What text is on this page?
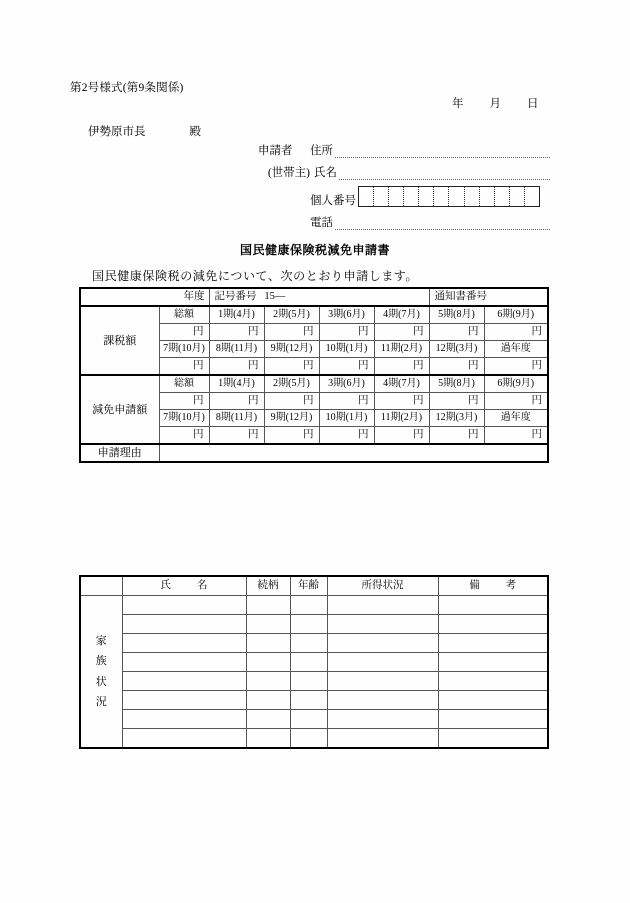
第2号様式(第9条関係)
年 月 日
伊勢原市長	殿
申請者	住所
(世帯主) 氏名
個人番号
電話
国民健康保険税減免申請書
国民健康保険税の減免について、次のとおり申請します。
年度		記号番号 15—				通知書番号	
課税額	総額	1期(4月)	2期(5月)	3期(6月)	4期(7月)	5期(8月)	6期(9月)
	円	円	円	円	円	円	円
	7期(10月)	8期(11月)	9期(12月)	10期(1月)	11期(2月)	12期(3月)	過年度
	円	円	円	円	円	円	円
減免申請額	総額	1期(4月)	2期(5月)	3期(6月)	4期(7月)	5期(8月)	6期(9月)
	円	円	円	円	円	円	円
	7期(10月)	8期(11月)	9期(12月)	10期(1月)	11期(2月)	12期(3月)	過年度
	円	円	円	円	円	円	円
申請理由							
	氏名	続柄	年齢	所得状況	備考

家
族
状
況					
